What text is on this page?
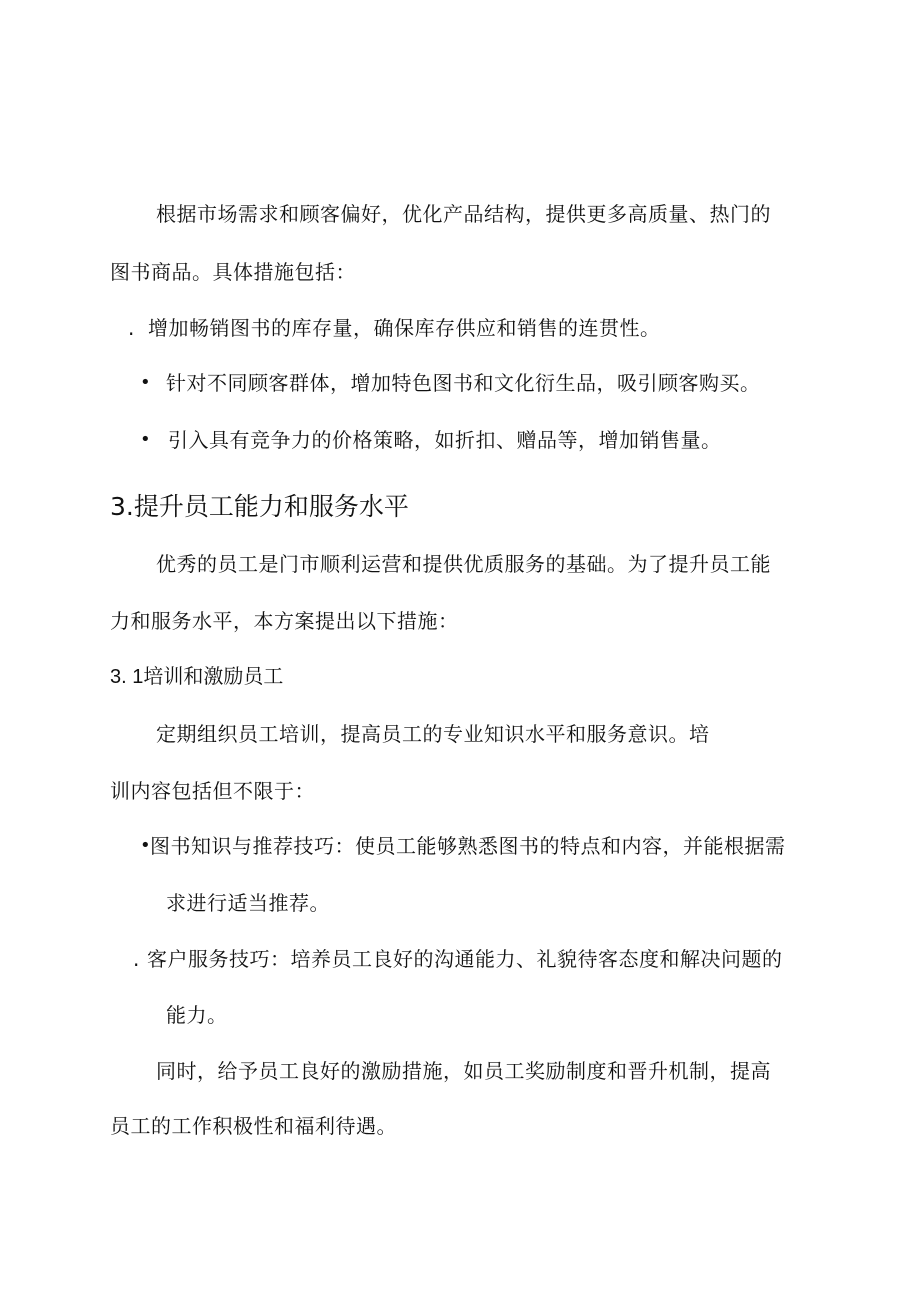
根据市场需求和顾客偏好，优化产品结构，提供更多高质量、热门的
图书商品。具体措施包括：
. 增加畅销图书的库存量，确保库存供应和销售的连贯性。
• 针对不同顾客群体，增加特色图书和文化衍生品，吸引顾客购买。
• 引入具有竞争力的价格策略，如折扣、赠品等，增加销售量。
3.提升员工能力和服务水平
优秀的员工是门市顺利运营和提供优质服务的基础。为了提升员工能
力和服务水平，本方案提出以下措施：
3. 1培训和激励员工
定期组织员工培训，提高员工的专业知识水平和服务意识。培
训内容包括但不限于：
• 图书知识与推荐技巧：使员工能够熟悉图书的特点和内容，并能根据需
求进行适当推荐。
. 客户服务技巧：培养员工良好的沟通能力、礼貌待客态度和解决问题的
能力。
同时，给予员工良好的激励措施，如员工奖励制度和晋升机制，提高
员工的工作积极性和福利待遇。
